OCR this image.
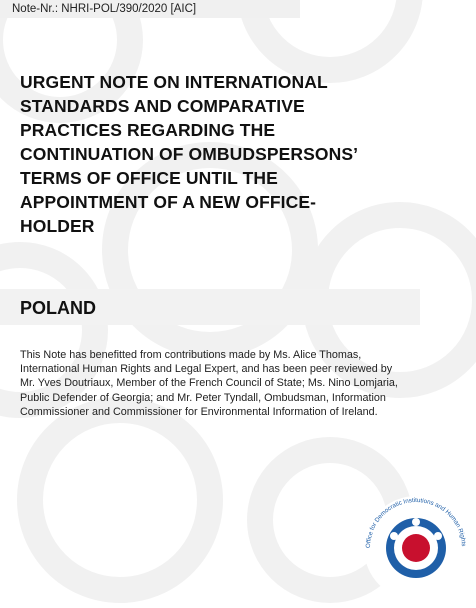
Note-Nr.: NHRI-POL/390/2020 [AIC]
URGENT NOTE ON INTERNATIONAL STANDARDS AND COMPARATIVE PRACTICES REGARDING THE CONTINUATION OF OMBUDSPERSONS’ TERMS OF OFFICE UNTIL THE APPOINTMENT OF A NEW OFFICE-HOLDER
POLAND

This Note has benefitted from contributions made by Ms. Alice Thomas, International Human Rights and Legal Expert, and has been peer reviewed by Mr. Yves Doutriaux, Member of the French Council of State; Ms. Nino Lomjaria, Public Defender of Georgia; and Mr. Peter Tyndall, Ombudsman, Information Commissioner and Commissioner for Environmental Information of Ireland.

Office for Democratic Institutions and Human Rights
